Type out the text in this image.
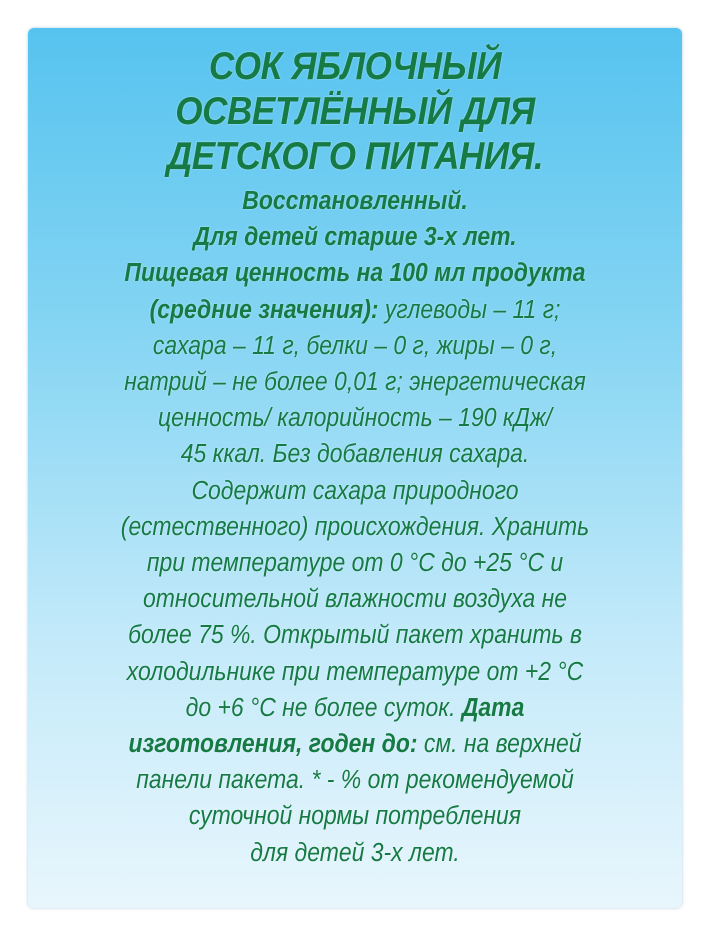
СОК ЯБЛОЧНЫЙ
ОСВЕТЛЁННЫЙ ДЛЯ
ДЕТСКОГО ПИТАНИЯ.
Восстановленный.
Для детей старше 3-х лет.
Пищевая ценность на 100 мл продукта
(средние значения): углеводы – 11 г;
сахара – 11 г, белки – 0 г, жиры – 0 г,
натрий – не более 0,01 г; энергетическая
ценность/ калорийность – 190 кДж/
45 ккал. Без добавления сахара.
Содержит сахара природного
(естественного) происхождения. Хранить
при температуре от 0 °С до +25 °С и
относительной влажности воздуха не
более 75 %. Открытый пакет хранить в
холодильнике при температуре от +2 °С
до +6 °С не более суток. Дата
изготовления, годен до: см. на верхней
панели пакета. * - % от рекомендуемой
суточной нормы потребления
для детей 3-х лет.
